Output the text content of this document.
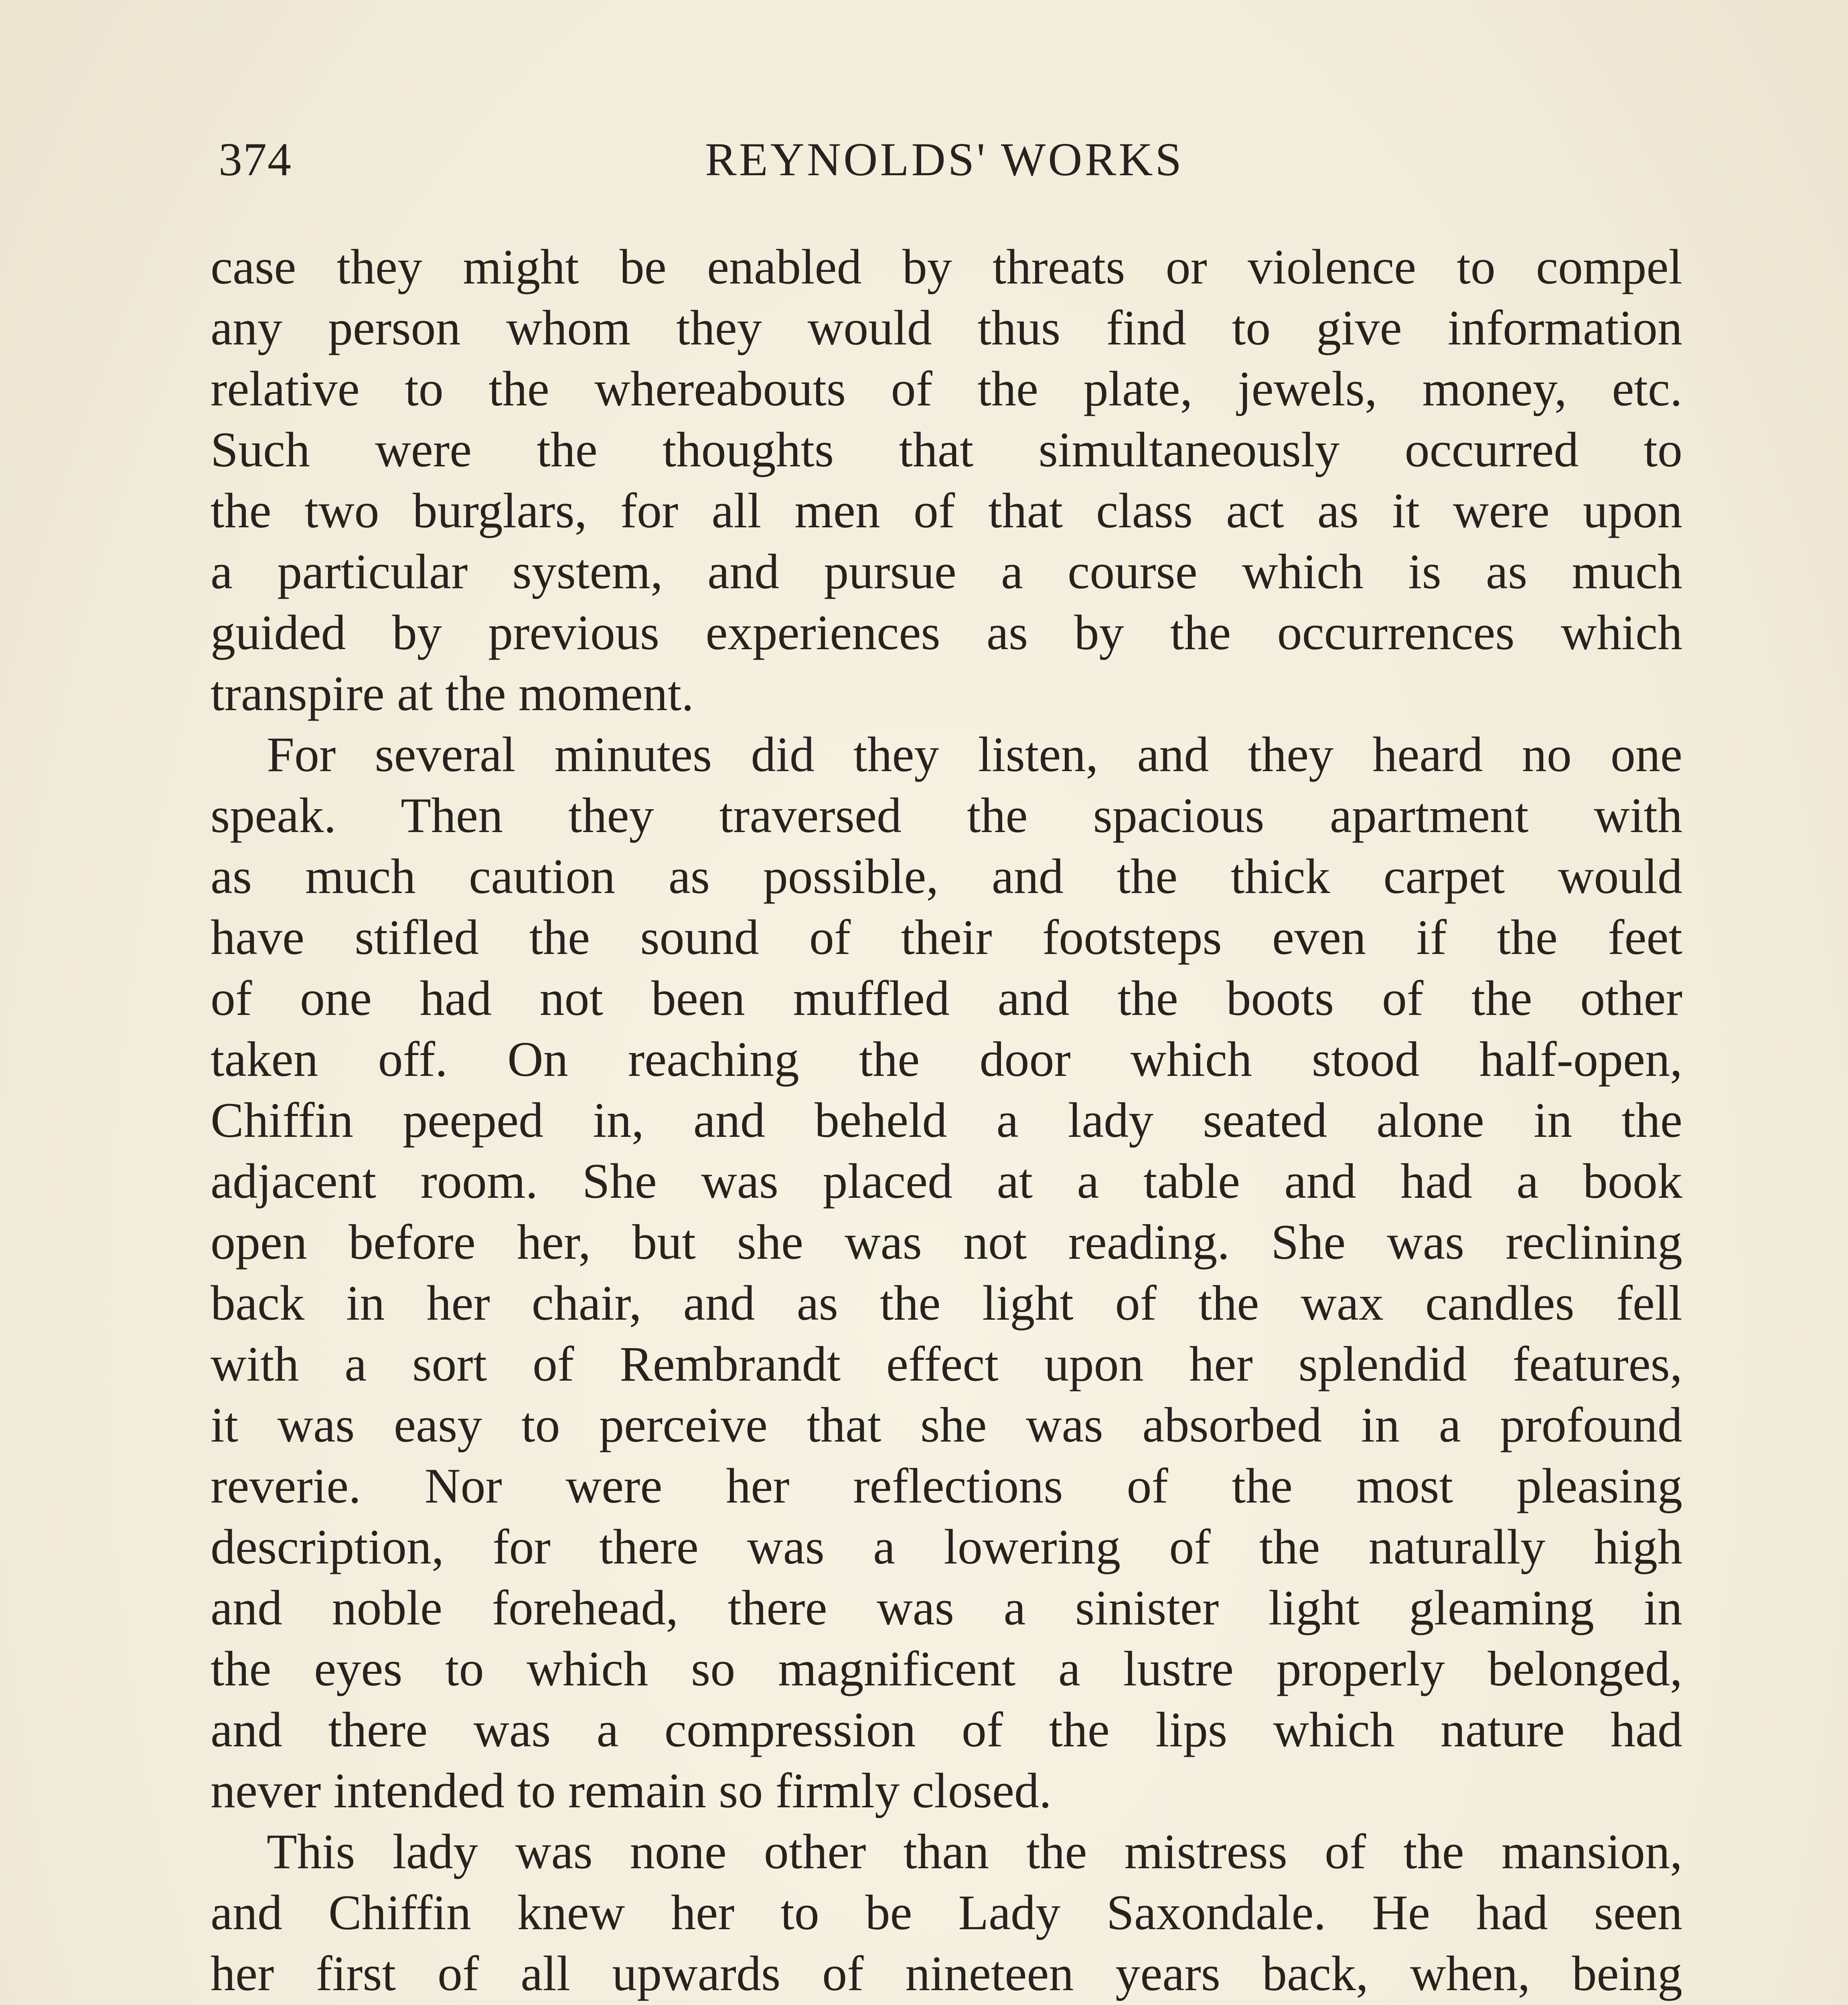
374	REYNOLDS' WORKS
case they might be enabled by threats or violence to compel
any person whom they would thus find to give information
relative to the whereabouts of the plate, jewels, money, etc.
Such were the thoughts that simultaneously occurred to
the two burglars, for all men of that class act as it were upon
a particular system, and pursue a course which is as much
guided by previous experiences as by the occurrences which
transpire at the moment.
For several minutes did they listen, and they heard no one
speak. Then they traversed the spacious apartment with
as much caution as possible, and the thick carpet would
have stifled the sound of their footsteps even if the feet
of one had not been muffled and the boots of the other
taken off. On reaching the door which stood half-open,
Chiffin peeped in, and beheld a lady seated alone in the
adjacent room. She was placed at a table and had a book
open before her, but she was not reading. She was reclining
back in her chair, and as the light of the wax candles fell
with a sort of Rembrandt effect upon her splendid features,
it was easy to perceive that she was absorbed in a profound
reverie. Nor were her reflections of the most pleasing
description, for there was a lowering of the naturally high
and noble forehead, there was a sinister light gleaming in
the eyes to which so magnificent a lustre properly belonged,
and there was a compression of the lips which nature had
never intended to remain so firmly closed.
This lady was none other than the mistress of the mansion,
and Chiffin knew her to be Lady Saxondale. He had seen
her first of all upwards of nineteen years back, when, being
